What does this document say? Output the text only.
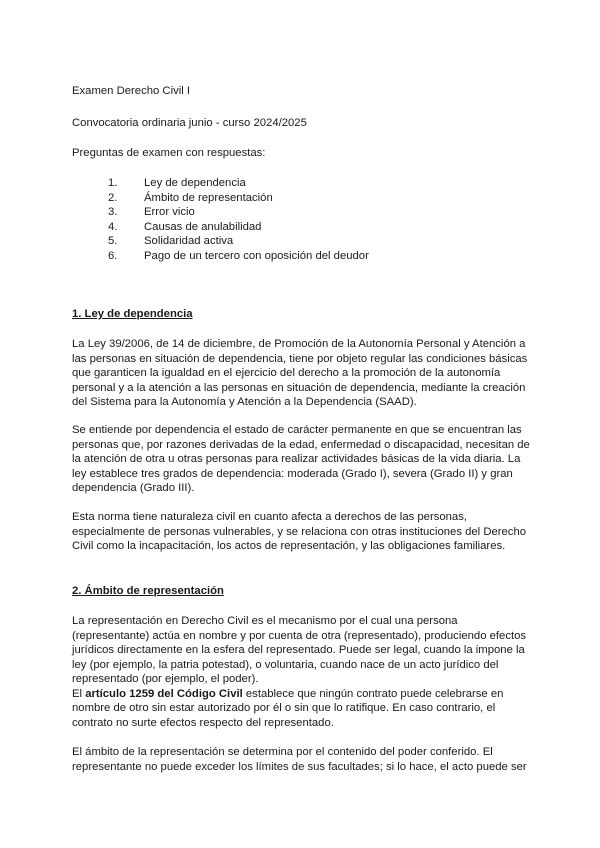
Examen Derecho Civil I
Convocatoria ordinaria junio - curso 2024/2025
Preguntas de examen con respuestas:
1.	Ley de dependencia
2.	Ámbito de representación
3.	Error vicio
4.	Causas de anulabilidad
5.	Solidaridad activa
6.	Pago de un tercero con oposición del deudor
1. Ley de dependencia
La Ley 39/2006, de 14 de diciembre, de Promoción de la Autonomía Personal y Atención a
las personas en situación de dependencia, tiene por objeto regular las condiciones básicas
que garanticen la igualdad en el ejercicio del derecho a la promoción de la autonomía
personal y a la atención a las personas en situación de dependencia, mediante la creación
del Sistema para la Autonomía y Atención a la Dependencia (SAAD).
Se entiende por dependencia el estado de carácter permanente en que se encuentran las
personas que, por razones derivadas de la edad, enfermedad o discapacidad, necesitan de
la atención de otra u otras personas para realizar actividades básicas de la vida diaria. La
ley establece tres grados de dependencia: moderada (Grado I), severa (Grado II) y gran
dependencia (Grado III).
Esta norma tiene naturaleza civil en cuanto afecta a derechos de las personas,
especialmente de personas vulnerables, y se relaciona con otras instituciones del Derecho
Civil como la incapacitación, los actos de representación, y las obligaciones familiares.
2. Ámbito de representación
La representación en Derecho Civil es el mecanismo por el cual una persona
(representante) actúa en nombre y por cuenta de otra (representado), produciendo efectos
jurídicos directamente en la esfera del representado. Puede ser legal, cuando la impone la
ley (por ejemplo, la patria potestad), o voluntaria, cuando nace de un acto jurídico del
representado (por ejemplo, el poder).
El artículo 1259 del Código Civil establece que ningún contrato puede celebrarse en
nombre de otro sin estar autorizado por él o sin que lo ratifique. En caso contrario, el
contrato no surte efectos respecto del representado.
El ámbito de la representación se determina por el contenido del poder conferido. El
representante no puede exceder los límites de sus facultades; si lo hace, el acto puede ser
